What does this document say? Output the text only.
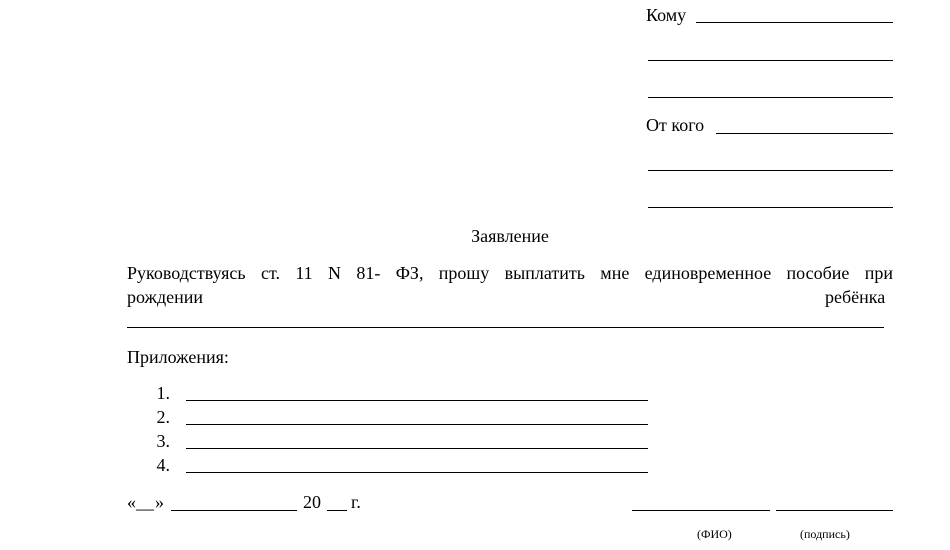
Кому
От кого
Заявление
Руководствуясь ст. 11 N 81- ФЗ, прошу выплатить мне единовременное пособие при
рождении	ребёнка
Приложения:
1.
2.
3.
4.
« __ »	20 г.
(ФИО)	(подпись)
